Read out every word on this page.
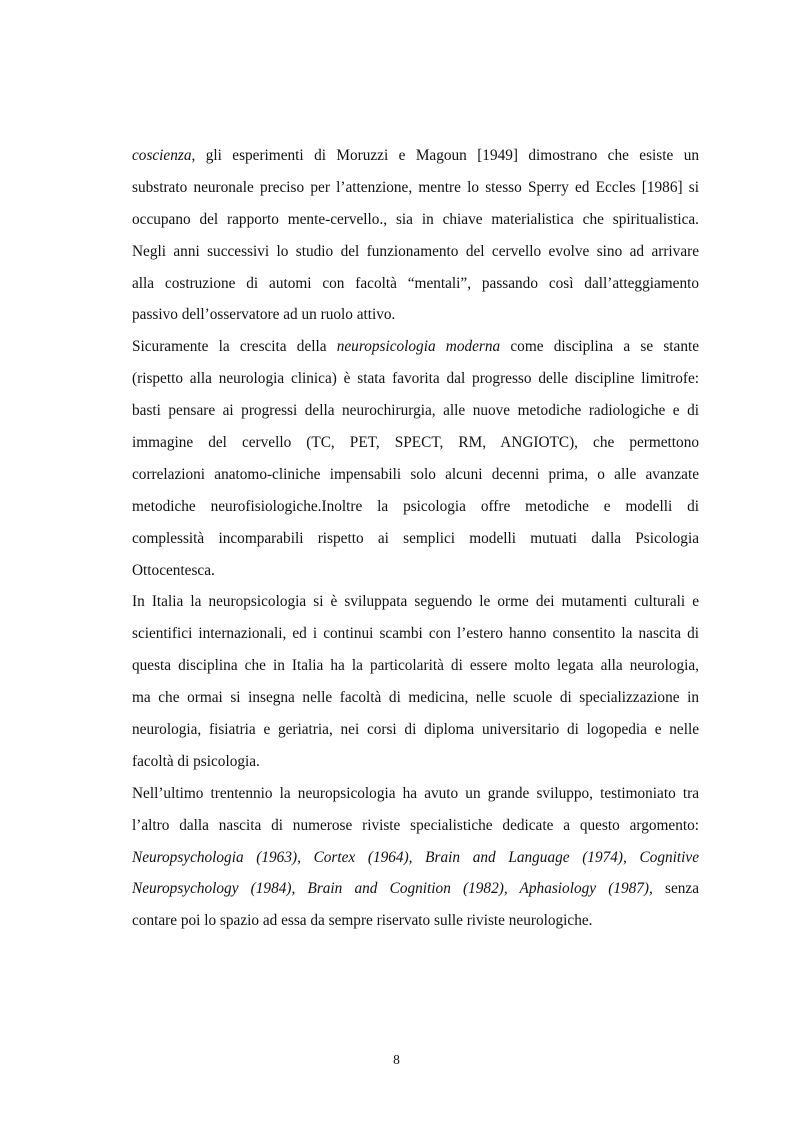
coscienza, gli esperimenti di Moruzzi e Magoun [1949] dimostrano che esiste un
substrato neuronale preciso per l’attenzione, mentre lo stesso Sperry ed Eccles [1986] si
occupano del rapporto mente-cervello., sia in chiave materialistica che spiritualistica.
Negli anni successivi lo studio del funzionamento del cervello evolve sino ad arrivare
alla costruzione di automi con facoltà “mentali”, passando così dall’atteggiamento
passivo dell’osservatore ad un ruolo attivo.
Sicuramente la crescita della neuropsicologia moderna come disciplina a se stante
(rispetto alla neurologia clinica) è stata favorita dal progresso delle discipline limitrofe:
basti pensare ai progressi della neurochirurgia, alle nuove metodiche radiologiche e di
immagine del cervello (TC, PET, SPECT, RM, ANGIOTC), che permettono
correlazioni anatomo-cliniche impensabili solo alcuni decenni prima, o alle avanzate
metodiche neurofisiologiche.Inoltre la psicologia offre metodiche e modelli di
complessità incomparabili rispetto ai semplici modelli mutuati dalla Psicologia
Ottocentesca.
In Italia la neuropsicologia si è sviluppata seguendo le orme dei mutamenti culturali e
scientifici internazionali, ed i continui scambi con l’estero hanno consentito la nascita di
questa disciplina che in Italia ha la particolarità di essere molto legata alla neurologia,
ma che ormai si insegna nelle facoltà di medicina, nelle scuole di specializzazione in
neurologia, fisiatria e geriatria, nei corsi di diploma universitario di logopedia e nelle
facoltà di psicologia.
Nell’ultimo trentennio la neuropsicologia ha avuto un grande sviluppo, testimoniato tra
l’altro dalla nascita di numerose riviste specialistiche dedicate a questo argomento:
Neuropsychologia (1963), Cortex (1964), Brain and Language (1974), Cognitive
Neuropsychology (1984), Brain and Cognition (1982), Aphasiology (1987), senza
contare poi lo spazio ad essa da sempre riservato sulle riviste neurologiche.
8
